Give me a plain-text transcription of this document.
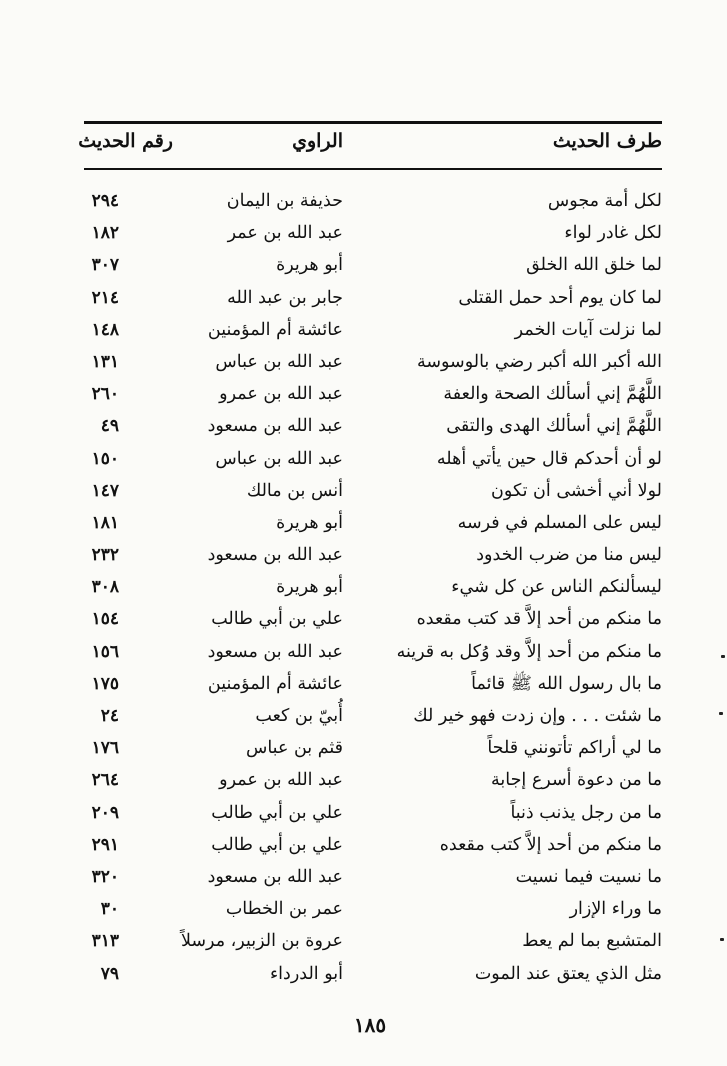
طرف الحديث
الراوي
رقم الحديث
لكل أمة مجوس
حذيفة بن اليمان
٢٩٤
لكل غادر لواء
عبد الله بن عمر
١٨٢
لما خلق الله الخلق
أبو هريرة
٣٠٧
لما كان يوم أحد حمل القتلى
جابر بن عبد الله
٢١٤
لما نزلت آيات الخمر
عائشة أم المؤمنين
١٤٨
الله أكبر الله أكبر رضي بالوسوسة
عبد الله بن عباس
١٣١
اللَّهُمَّ إني أسألك الصحة والعفة
عبد الله بن عمرو
٢٦٠
اللَّهُمَّ إني أسألك الهدى والتقى
عبد الله بن مسعود
٤٩
لو أن أحدكم قال حين يأتي أهله
عبد الله بن عباس
١٥٠
لولا أني أخشى أن تكون
أنس بن مالك
١٤٧
ليس على المسلم في فرسه
أبو هريرة
١٨١
ليس منا من ضرب الخدود
عبد الله بن مسعود
٢٣٢
ليسألنكم الناس عن كل شيء
أبو هريرة
٣٠٨
ما منكم من أحد إلاَّ قد كتب مقعده
علي بن أبي طالب
١٥٤
ما منكم من أحد إلاَّ وقد وُكل به قرينه
عبد الله بن مسعود
١٥٦
ما بال رسول الله ﷺ قائماً
عائشة أم المؤمنين
١٧٥
ما شئت . . . وإن زدت فهو خير لك
أُبيّ بن كعب
٢٤
ما لي أراكم تأتونني قلحاً
قثم بن عباس
١٧٦
ما من دعوة أسرع إجابة
عبد الله بن عمرو
٢٦٤
ما من رجل يذنب ذنباً
علي بن أبي طالب
٢٠٩
ما منكم من أحد إلاَّ كتب مقعده
علي بن أبي طالب
٢٩١
ما نسيت فيما نسيت
عبد الله بن مسعود
٣٢٠
ما وراء الإزار
عمر بن الخطاب
٣٠
المتشبع بما لم يعط
عروة بن الزبير، مرسلاً
٣١٣
مثل الذي يعتق عند الموت
أبو الدرداء
٧٩
١٨٥
